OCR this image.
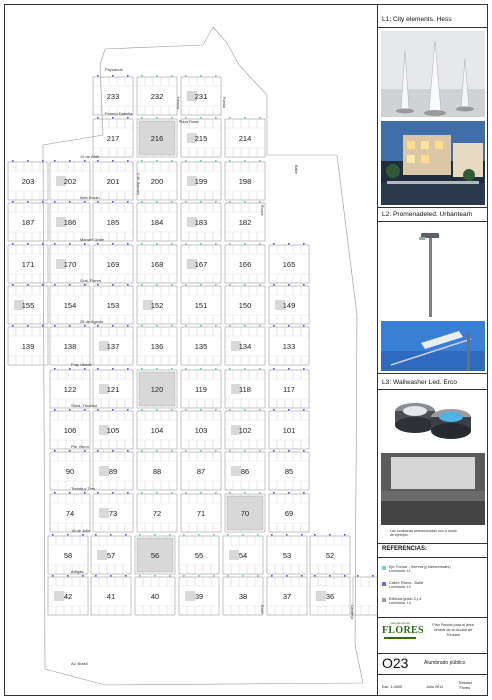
233	232	231
217	216	215	214
203	202	201	200	199	198
187	186	185	184	183	182
171	170	169	168	167	166	165
155	154	153	152	151	150	149
139	138	137	136	135	134	133
122	121	120	119	118	117
106	105	104	103	102	101
90	89	88	87	86	85
74	73	72	71	70	69
58	57	56	55	54	53	52
42	41	40	39	38	37	36
Paysandú
Fermín Dabelia
19 de Abril
Inés Durán
Manuel Oribe
Gral. Flores
25 de Agosto
Fray Ubeda
Stma. Trinidad
Pte. Berro
Treinta y Tres
18 de Julio
Artigas
Av. Brasil
Herrera	Fondar
C.M. Ramirez
Batlle
Rivera
Rodó	Lavalleja
Plaza Flores
L1: City elements. Hess
L2: Promenadeled. Urbanteam
L3: Wallwasher Led. Erco
Las luminarias seleccionadas son a modo
de ejemplo.
REFERENCIAS:
Eje: Fondar - Herrera (y transversales)
Luminaria: L1
Calles: Rivera - Batlle
Luminaria: L2
Edificios grado 3 y 4
Luminaria: L3
Intendencia de
FLORES	Plan Parcial para el área
central de la ciudad de
Trinidad
O23	Alumbrado público
Esc: 1:4000	Julio 2012
Trinidad
Flores
